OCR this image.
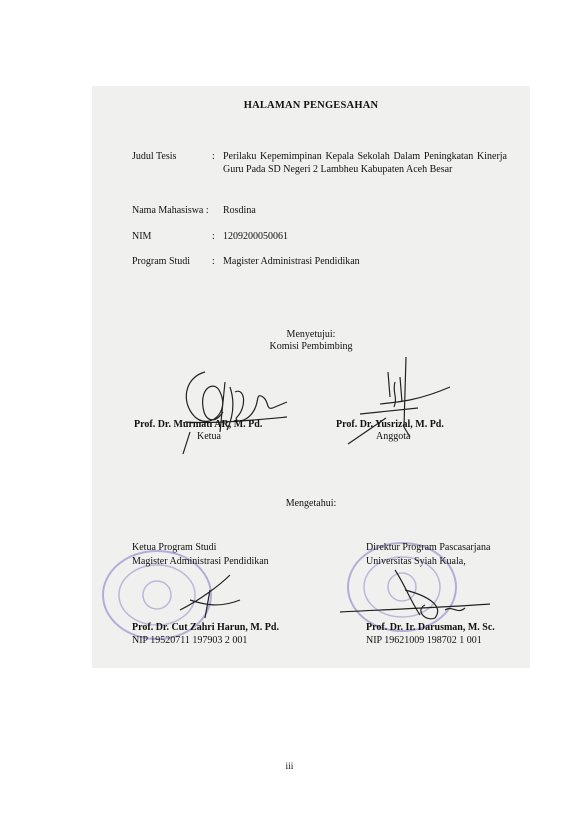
HALAMAN PENGESAHAN
Judul Tesis	: Perilaku Kepemimpinan Kepala Sekolah Dalam Peningkatan Kinerja Guru Pada SD Negeri 2 Lambheu Kabupaten Aceh Besar
Nama Mahasiswa : Rosdina
NIM	: 1209200050061
Program Studi : Magister Administrasi Pendidikan
Menyetujui:
Komisi Pembimbing
Prof. Dr. Murniati AR, M. Pd.
Ketua
Prof. Dr. Yusrizal, M. Pd.
Anggota
Mengetahui:
Ketua Program Studi
Magister Administrasi Pendidikan
Prof. Dr. Cut Zahri Harun, M. Pd.
NIP 19520711 197903 2 001
Direktur Program Pascasarjana
Universitas Syiah Kuala,
Prof. Dr. Ir. Darusman, M. Sc.
NIP 19621009 198702 1 001
iii
